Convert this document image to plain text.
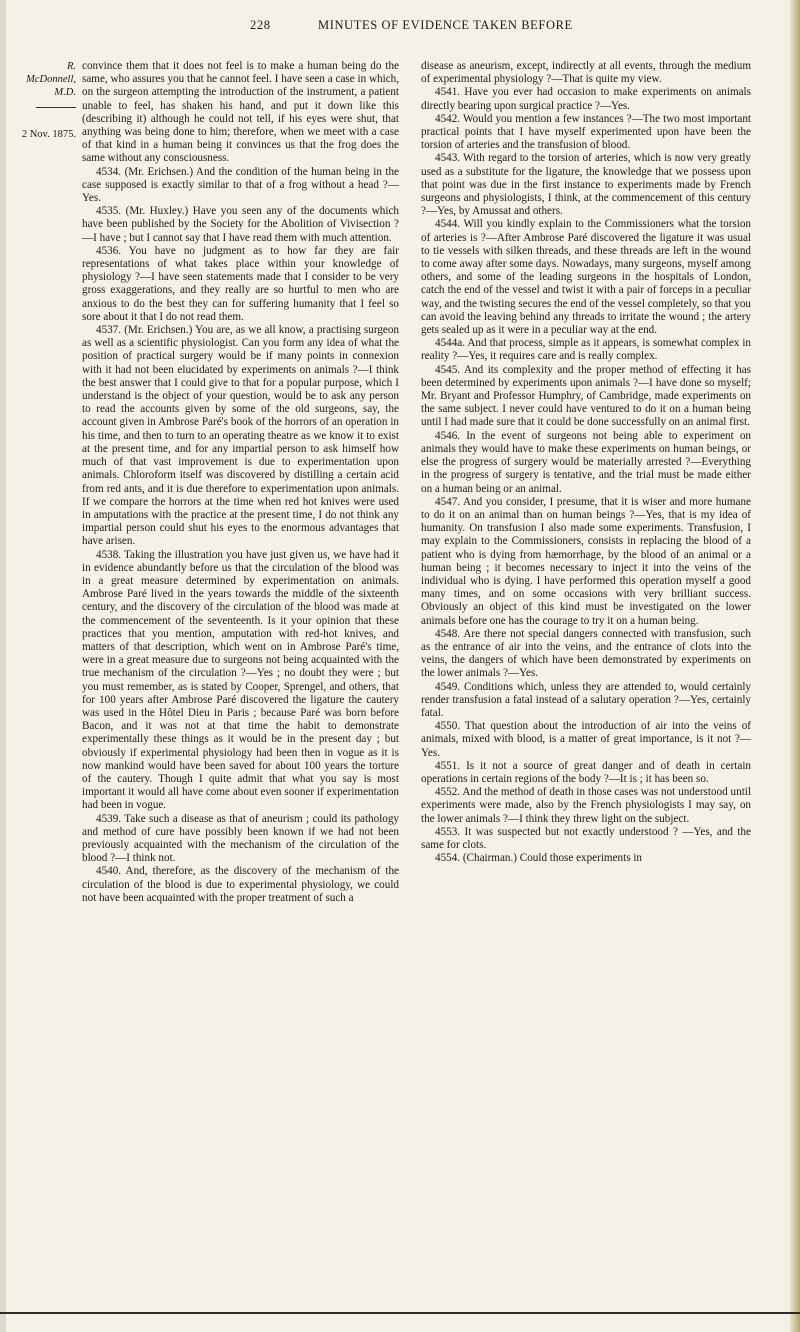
228	MINUTES OF EVIDENCE TAKEN BEFORE
R. McDonnell, M.D.
2 Nov. 1875.

convince them that it does not feel is to make a human being do the same, who assures you that he cannot feel. I have seen a case in which, on the surgeon attempting the introduction of the instrument, a patient unable to feel, has shaken his hand, and put it down like this (describing it) although he could not tell, if his eyes were shut, that anything was being done to him; therefore, when we meet with a case of that kind in a human being it convinces us that the frog does the same without any consciousness.

4534. (Mr. Erichsen.) And the condition of the human being in the case supposed is exactly similar to that of a frog without a head ?—Yes.

4535. (Mr. Huxley.) Have you seen any of the documents which have been published by the Society for the Abolition of Vivisection ?—I have ; but I cannot say that I have read them with much attention.

4536. You have no judgment as to how far they are fair representations of what takes place within your knowledge of physiology ?—I have seen statements made that I consider to be very gross exaggerations, and they really are so hurtful to men who are anxious to do the best they can for suffering humanity that I feel so sore about it that I do not read them.

4537. (Mr. Erichsen.) You are, as we all know, a practising surgeon as well as a scientific physiologist. Can you form any idea of what the position of practical surgery would be if many points in connexion with it had not been elucidated by experiments on animals ?—I think the best answer that I could give to that for a popular purpose, which I understand is the object of your question, would be to ask any person to read the accounts given by some of the old surgeons, say, the account given in Ambrose Paré's book of the horrors of an operation in his time, and then to turn to an operating theatre as we know it to exist at the present time, and for any impartial person to ask himself how much of that vast improvement is due to experimentation upon animals. Chloroform itself was discovered by distilling a certain acid from red ants, and it is due therefore to experimentation upon animals. If we compare the horrors at the time when red hot knives were used in amputations with the practice at the present time, I do not think any impartial person could shut his eyes to the enormous advantages that have arisen.

4538. Taking the illustration you have just given us, we have had it in evidence abundantly before us that the circulation of the blood was in a great measure determined by experimentation on animals. Ambrose Paré lived in the years towards the middle of the sixteenth century, and the discovery of the circulation of the blood was made at the commencement of the seventeenth. Is it your opinion that these practices that you mention, amputation with red-hot knives, and matters of that description, which went on in Ambrose Paré's time, were in a great measure due to surgeons not being acquainted with the true mechanism of the circulation ?—Yes ; no doubt they were ; but you must remember, as is stated by Cooper, Sprengel, and others, that for 100 years after Ambrose Paré discovered the ligature the cautery was used in the Hôtel Dieu in Paris ; because Paré was born before Bacon, and it was not at that time the habit to demonstrate experimentally these things as it would be in the present day ; but obviously if experimental physiology had been then in vogue as it is now mankind would have been saved for about 100 years the torture of the cautery. Though I quite admit that what you say is most important it would all have come about even sooner if experimentation had been in vogue.

4539. Take such a disease as that of aneurism ; could its pathology and method of cure have possibly been known if we had not been previously acquainted with the mechanism of the circulation of the blood ?—I think not.

4540. And, therefore, as the discovery of the mechanism of the circulation of the blood is due to experimental physiology, we could not have been acquainted with the proper treatment of such a

disease as aneurism, except, indirectly at all events, through the medium of experimental physiology ?—That is quite my view.

4541. Have you ever had occasion to make experiments on animals directly bearing upon surgical practice ?—Yes.

4542. Would you mention a few instances ?—The two most important practical points that I have myself experimented upon have been the torsion of arteries and the transfusion of blood.

4543. With regard to the torsion of arteries, which is now very greatly used as a substitute for the ligature, the knowledge that we possess upon that point was due in the first instance to experiments made by French surgeons and physiologists, I think, at the commencement of this century ?—Yes, by Amussat and others.

4544. Will you kindly explain to the Commissioners what the torsion of arteries is ?—After Ambrose Paré discovered the ligature it was usual to tie vessels with silken threads, and these threads are left in the wound to come away after some days. Nowadays, many surgeons, myself among others, and some of the leading surgeons in the hospitals of London, catch the end of the vessel and twist it with a pair of forceps in a peculiar way, and the twisting secures the end of the vessel completely, so that you can avoid the leaving behind any threads to irritate the wound ; the artery gets sealed up as it were in a peculiar way at the end.

4544a. And that process, simple as it appears, is somewhat complex in reality ?—Yes, it requires care and is really complex.

4545. And its complexity and the proper method of effecting it has been determined by experiments upon animals ?—I have done so myself; Mr. Bryant and Professor Humphry, of Cambridge, made experiments on the same subject. I never could have ventured to do it on a human being until I had made sure that it could be done successfully on an animal first.

4546. In the event of surgeons not being able to experiment on animals they would have to make these experiments on human beings, or else the progress of surgery would be materially arrested ?—Everything in the progress of surgery is tentative, and the trial must be made either on a human being or an animal.

4547. And you consider, I presume, that it is wiser and more humane to do it on an animal than on human beings ?—Yes, that is my idea of humanity. On transfusion I also made some experiments. Transfusion, I may explain to the Commissioners, consists in replacing the blood of a patient who is dying from hæmorrhage, by the blood of an animal or a human being ; it becomes necessary to inject it into the veins of the individual who is dying. I have performed this operation myself a good many times, and on some occasions with very brilliant success. Obviously an object of this kind must be investigated on the lower animals before one has the courage to try it on a human being.

4548. Are there not special dangers connected with transfusion, such as the entrance of air into the veins, and the entrance of clots into the veins, the dangers of which have been demonstrated by experiments on the lower animals ?—Yes.

4549. Conditions which, unless they are attended to, would certainly render transfusion a fatal instead of a salutary operation ?—Yes, certainly fatal.

4550. That question about the introduction of air into the veins of animals, mixed with blood, is a matter of great importance, is it not ?—Yes.

4551. Is it not a source of great danger and of death in certain operations in certain regions of the body ?—It is ; it has been so.

4552. And the method of death in those cases was not understood until experiments were made, also by the French physiologists I may say, on the lower animals ?—I think they threw light on the subject.

4553. It was suspected but not exactly understood ? —Yes, and the same for clots.

4554. (Chairman.) Could those experiments in
